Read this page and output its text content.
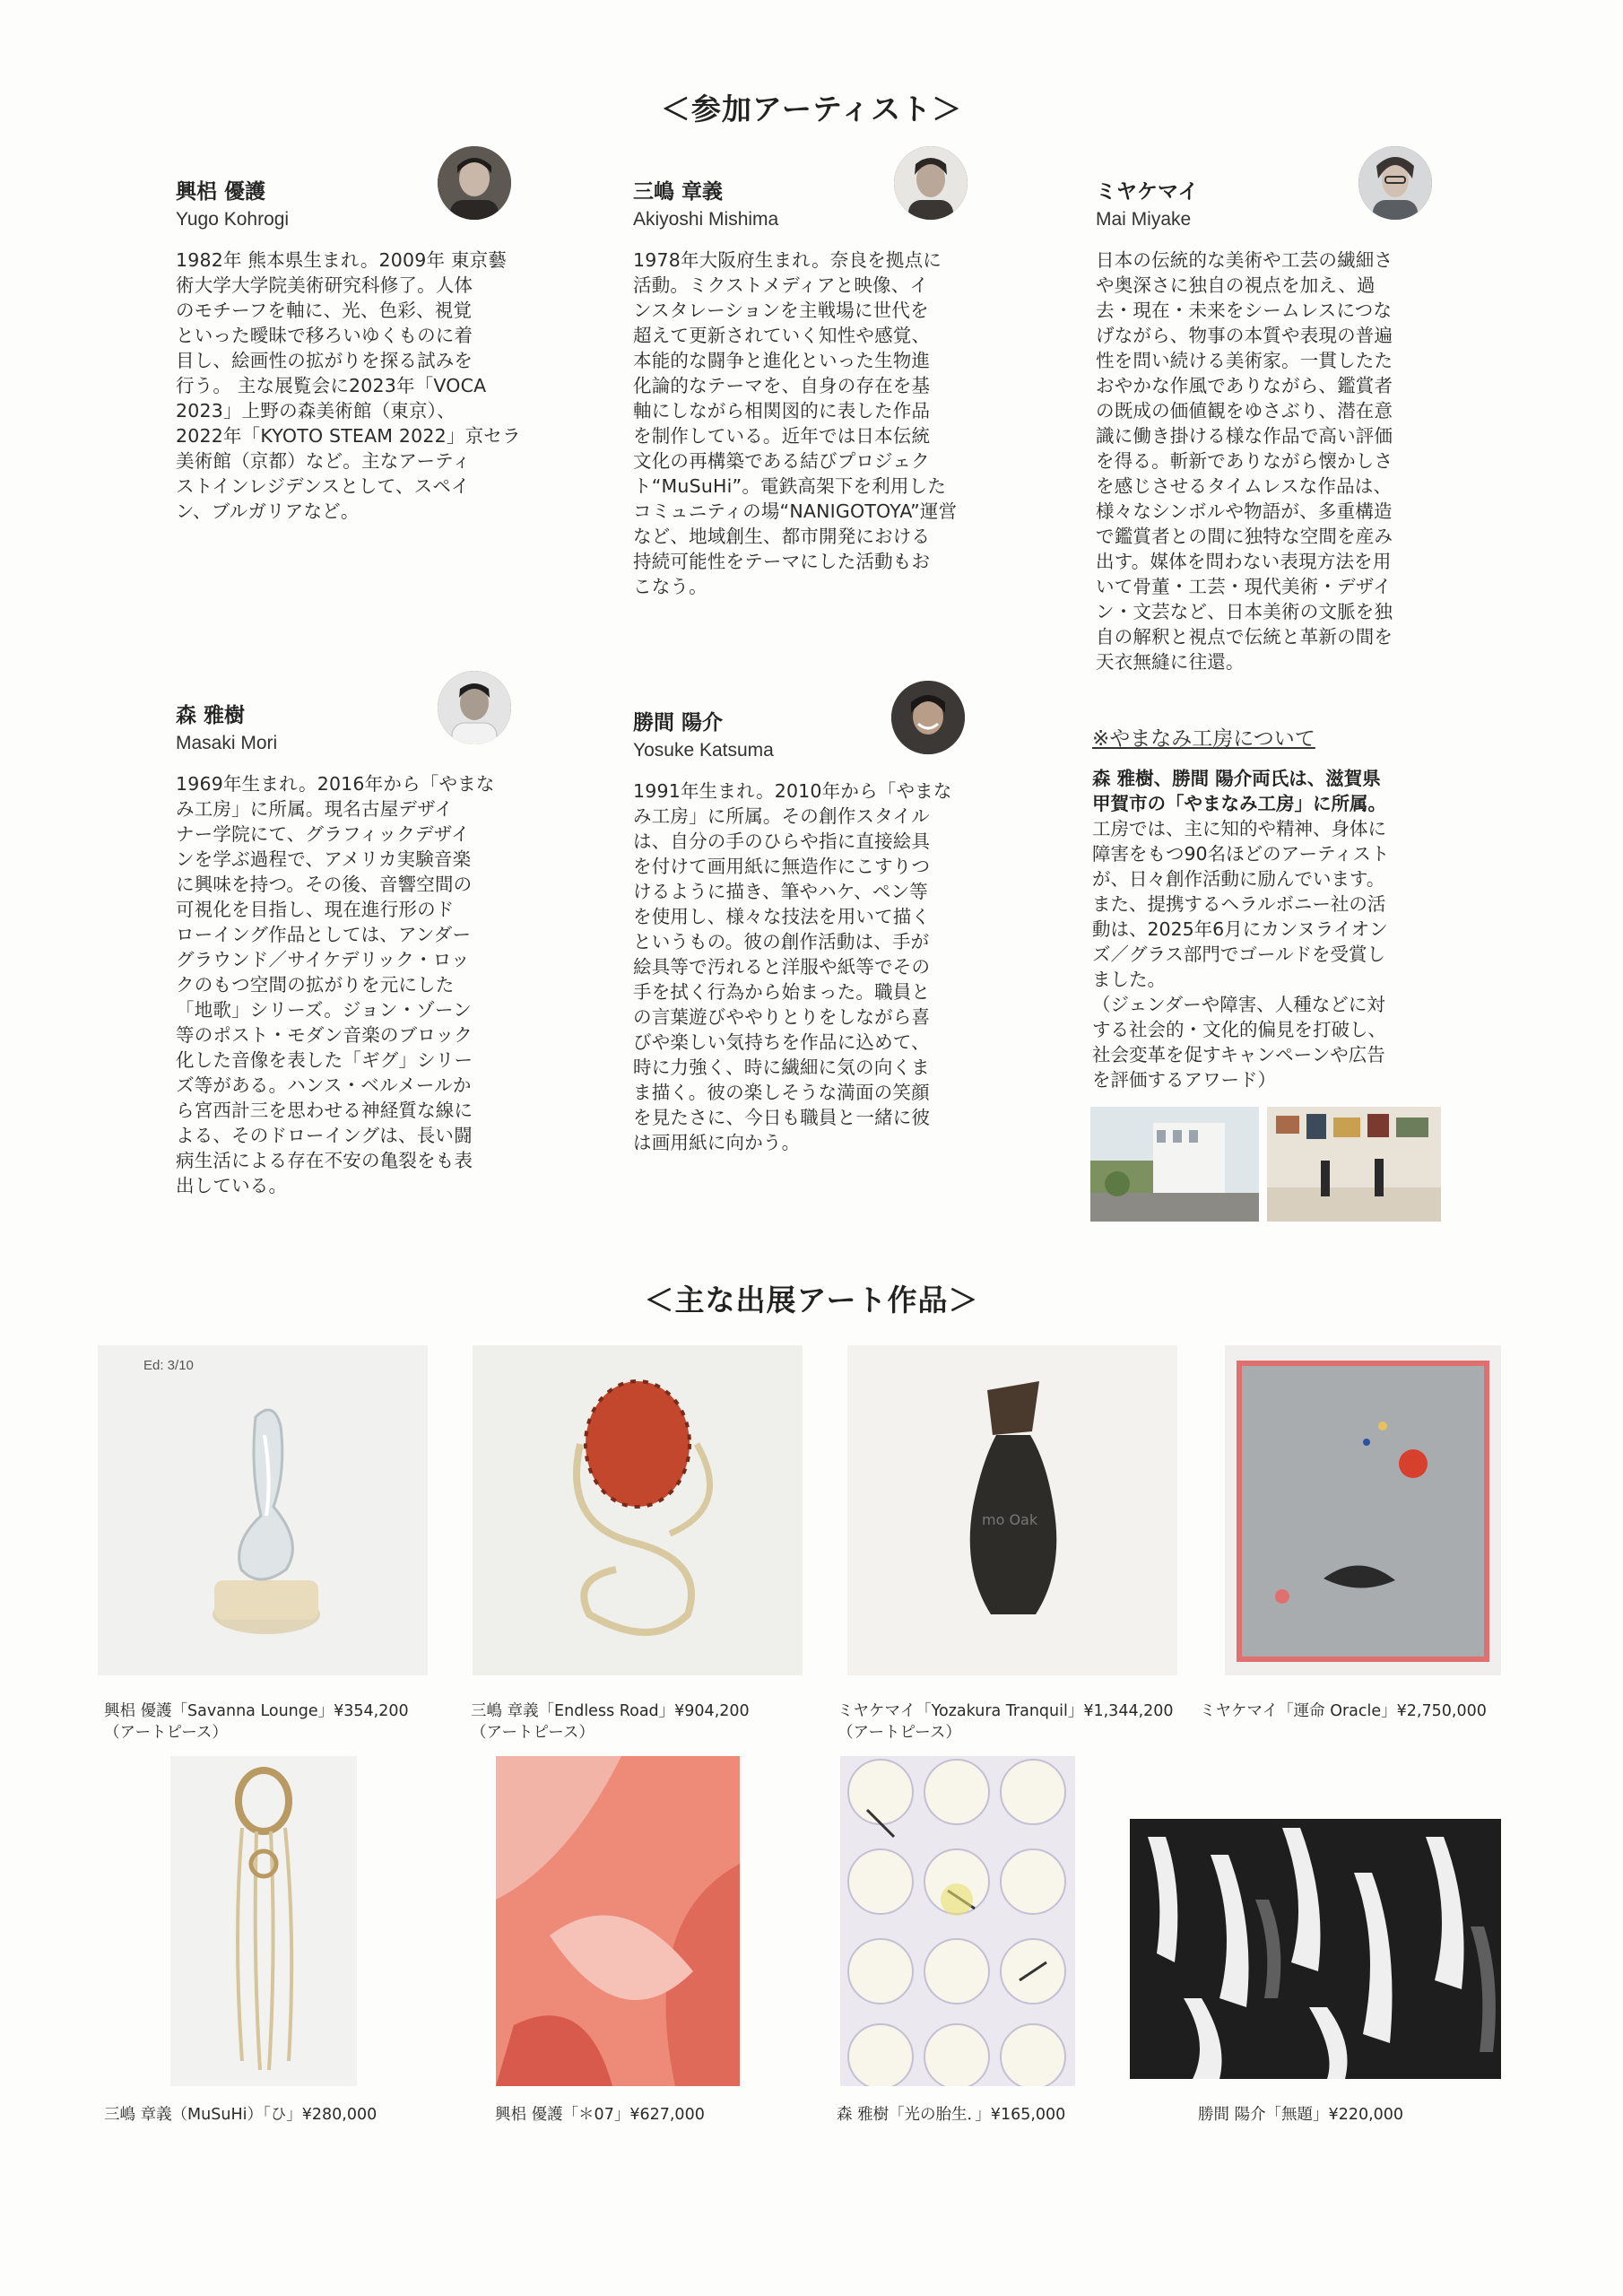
＜参加アーティスト＞

興梠 優護

Yugo Kohrogi

1982年 熊本県生まれ。2009年 東京藝
術大学大学院美術研究科修了。人体
のモチーフを軸に、光、色彩、視覚
といった曖昧で移ろいゆくものに着
目し、絵画性の拡がりを探る試みを
行う。 主な展覧会に2023年「VOCA
2023」上野の森美術館（東京）、
2022年「KYOTO STEAM 2022」京セラ
美術館（京都）など。主なアーティ
ストインレジデンスとして、スペイ
ン、ブルガリアなど。

三嶋 章義

Akiyoshi Mishima

1978年大阪府生まれ。奈良を拠点に
活動。ミクストメディアと映像、イ
ンスタレーションを主戦場に世代を
超えて更新されていく知性や感覚、
本能的な闘争と進化といった生物進
化論的なテーマを、自身の存在を基
軸にしながら相関図的に表した作品
を制作している。近年では日本伝統
文化の再構築である結びプロジェク
ト“MuSuHi”。電鉄高架下を利用した
コミュニティの場“NANIGOTOYA”運営
など、地域創生、都市開発における
持続可能性をテーマにした活動もお
こなう。

ミヤケマイ

Mai Miyake

日本の伝統的な美術や工芸の繊細さ
や奥深さに独自の視点を加え、過
去・現在・未来をシームレスにつな
げながら、物事の本質や表現の普遍
性を問い続ける美術家。一貫したた
おやかな作風でありながら、鑑賞者
の既成の価値観をゆさぶり、潜在意
識に働き掛ける様な作品で高い評価
を得る。斬新でありながら懐かしさ
を感じさせるタイムレスな作品は、
様々なシンボルや物語が、多重構造
で鑑賞者との間に独特な空間を産み
出す。媒体を問わない表現方法を用
いて骨董・工芸・現代美術・デザイ
ン・文芸など、日本美術の文脈を独
自の解釈と視点で伝統と革新の間を
天衣無縫に往還。

森 雅樹

Masaki Mori

1969年生まれ。2016年から「やまな
み工房」に所属。現名古屋デザイ
ナー学院にて、グラフィックデザイ
ンを学ぶ過程で、アメリカ実験音楽
に興味を持つ。その後、音響空間の
可視化を目指し、現在進行形のド
ローイング作品としては、アンダー
グラウンド／サイケデリック・ロッ
クのもつ空間の拡がりを元にした
「地歌」シリーズ。ジョン・ゾーン
等のポスト・モダン音楽のブロック
化した音像を表した「ギグ」シリー
ズ等がある。ハンス・ベルメールか
ら宮西計三を思わせる神経質な線に
よる、そのドローイングは、長い闘
病生活による存在不安の亀裂をも表
出している。

勝間 陽介

Yosuke Katsuma

1991年生まれ。2010年から「やまな
み工房」に所属。その創作スタイル
は、自分の手のひらや指に直接絵具
を付けて画用紙に無造作にこすりつ
けるように描き、筆やハケ、ペン等
を使用し、様々な技法を用いて描く
というもの。彼の創作活動は、手が
絵具等で汚れると洋服や紙等でその
手を拭く行為から始まった。職員と
の言葉遊びややりとりをしながら喜
びや楽しい気持ちを作品に込めて、
時に力強く、時に繊細に気の向くま
ま描く。彼の楽しそうな満面の笑顔
を見たさに、今日も職員と一緒に彼
は画用紙に向かう。

※やまなみ工房について

森 雅樹、勝間 陽介両氏は、滋賀県
甲賀市の「やまなみ工房」に所属。

工房では、主に知的や精神、身体に
障害をもつ90名ほどのアーティスト
が、日々創作活動に励んでいます。
また、提携するヘラルボニー社の活
動は、2025年6月にカンヌライオン
ズ／グラス部門でゴールドを受賞し
ました。
（ジェンダーや障害、人種などに対
する社会的・文化的偏見を打破し、
社会変革を促すキャンペーンや広告
を評価するアワード）

＜主な出展アート作品＞
Ed: 3/10
興梠 優護「Savanna Lounge」¥354,200
（アートピース）
三嶋 章義「Endless Road」¥904,200
（アートピース）
mo Oak
ミヤケマイ「Yozakura Tranquil」¥1,344,200
（アートピース）
ミヤケマイ「運命 Oracle」¥2,750,000
三嶋 章義（MuSuHi）「ひ」¥280,000	興梠 優護「＊07」¥627,000	森 雅樹「光の胎生．」¥165,000	勝間 陽介「無題」¥220,000
